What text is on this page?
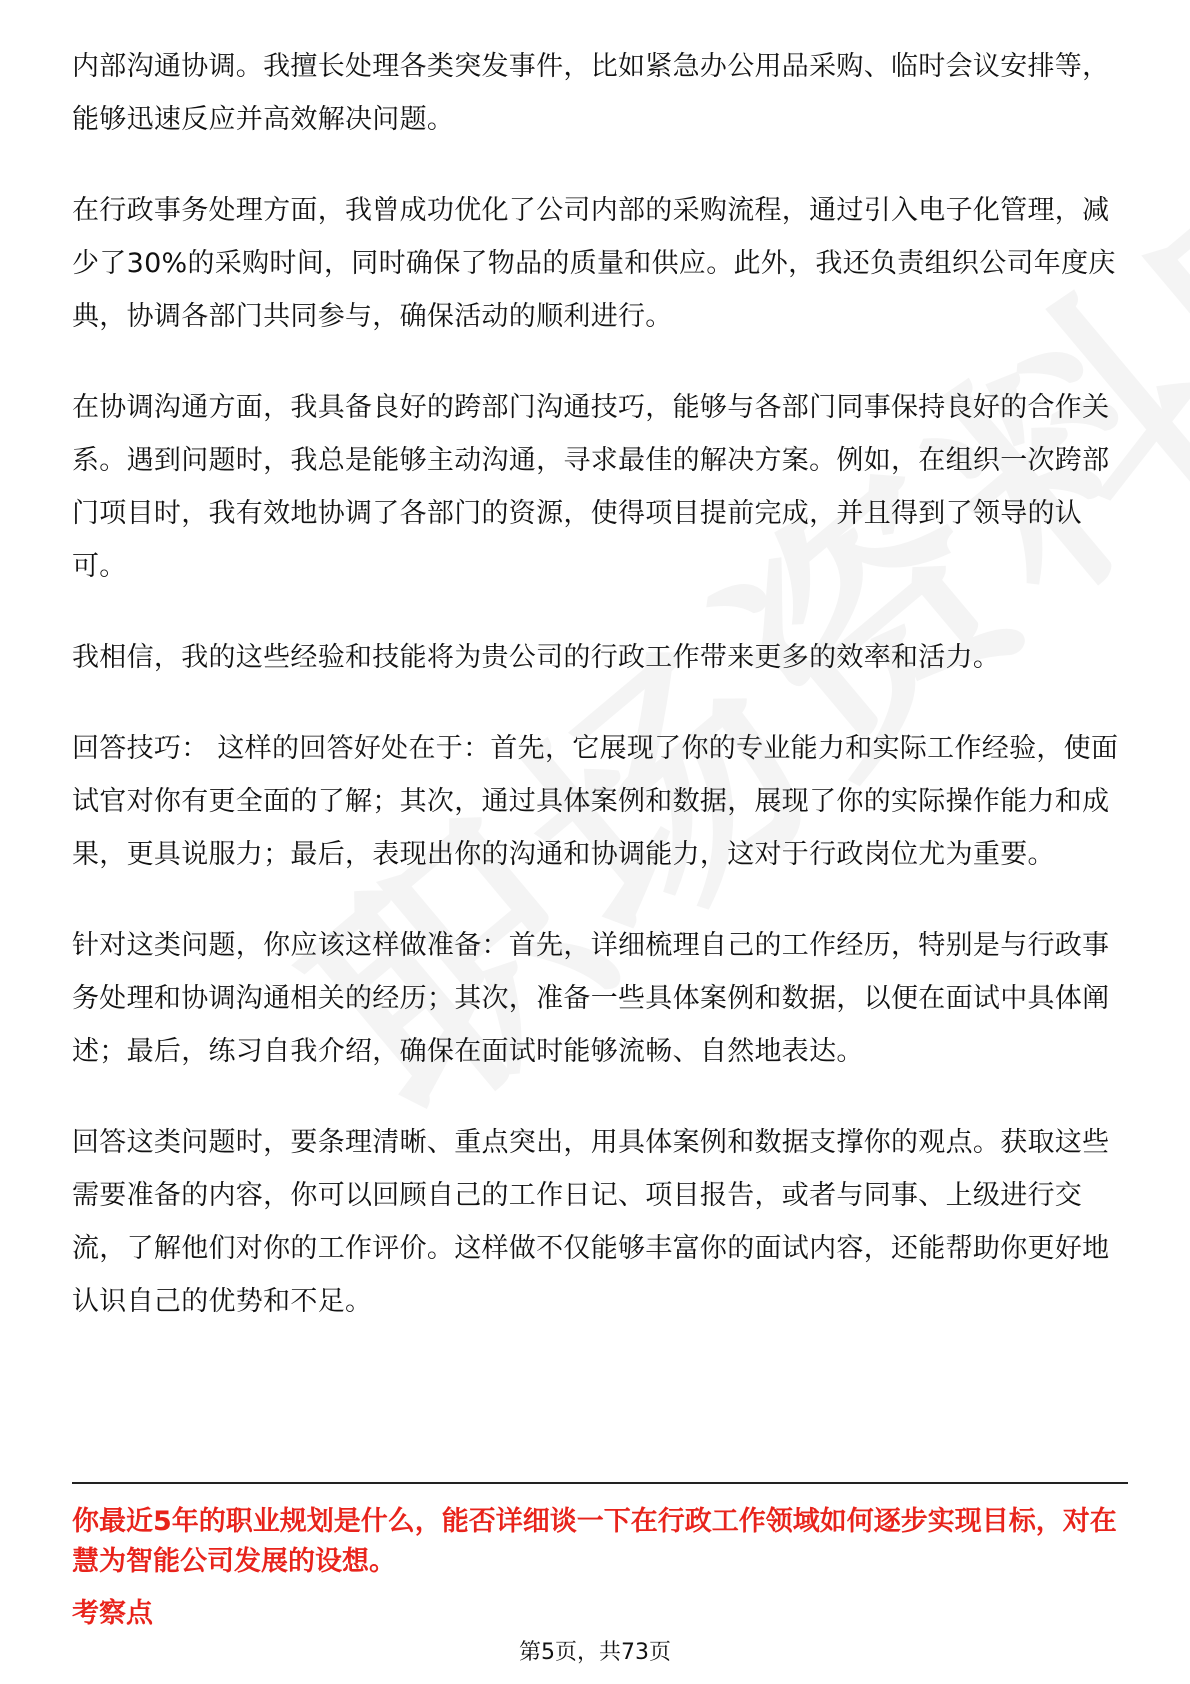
内部沟通协调。我擅长处理各类突发事件，比如紧急办公用品采购、临时会议安排等，能够迅速反应并高效解决问题。

在行政事务处理方面，我曾成功优化了公司内部的采购流程，通过引入电子化管理，减少了30%的采购时间，同时确保了物品的质量和供应。此外，我还负责组织公司年度庆典，协调各部门共同参与，确保活动的顺利进行。

在协调沟通方面，我具备良好的跨部门沟通技巧，能够与各部门同事保持良好的合作关系。遇到问题时，我总是能够主动沟通，寻求最佳的解决方案。例如，在组织一次跨部门项目时，我有效地协调了各部门的资源，使得项目提前完成，并且得到了领导的认可。

我相信，我的这些经验和技能将为贵公司的行政工作带来更多的效率和活力。

回答技巧： 这样的回答好处在于：首先，它展现了你的专业能力和实际工作经验，使面试官对你有更全面的了解；其次，通过具体案例和数据，展现了你的实际操作能力和成果，更具说服力；最后，表现出你的沟通和协调能力，这对于行政岗位尤为重要。

针对这类问题，你应该这样做准备：首先，详细梳理自己的工作经历，特别是与行政事务处理和协调沟通相关的经历；其次，准备一些具体案例和数据，以便在面试中具体阐述；最后，练习自我介绍，确保在面试时能够流畅、自然地表达。

回答这类问题时，要条理清晰、重点突出，用具体案例和数据支撑你的观点。获取这些需要准备的内容，你可以回顾自己的工作日记、项目报告，或者与同事、上级进行交流，了解他们对你的工作评价。这样做不仅能够丰富你的面试内容，还能帮助你更好地认识自己的优势和不足。

你最近5年的职业规划是什么，能否详细谈一下在行政工作领域如何逐步实现目标，对在慧为智能公司发展的设想。

考察点

第5页，共73页
